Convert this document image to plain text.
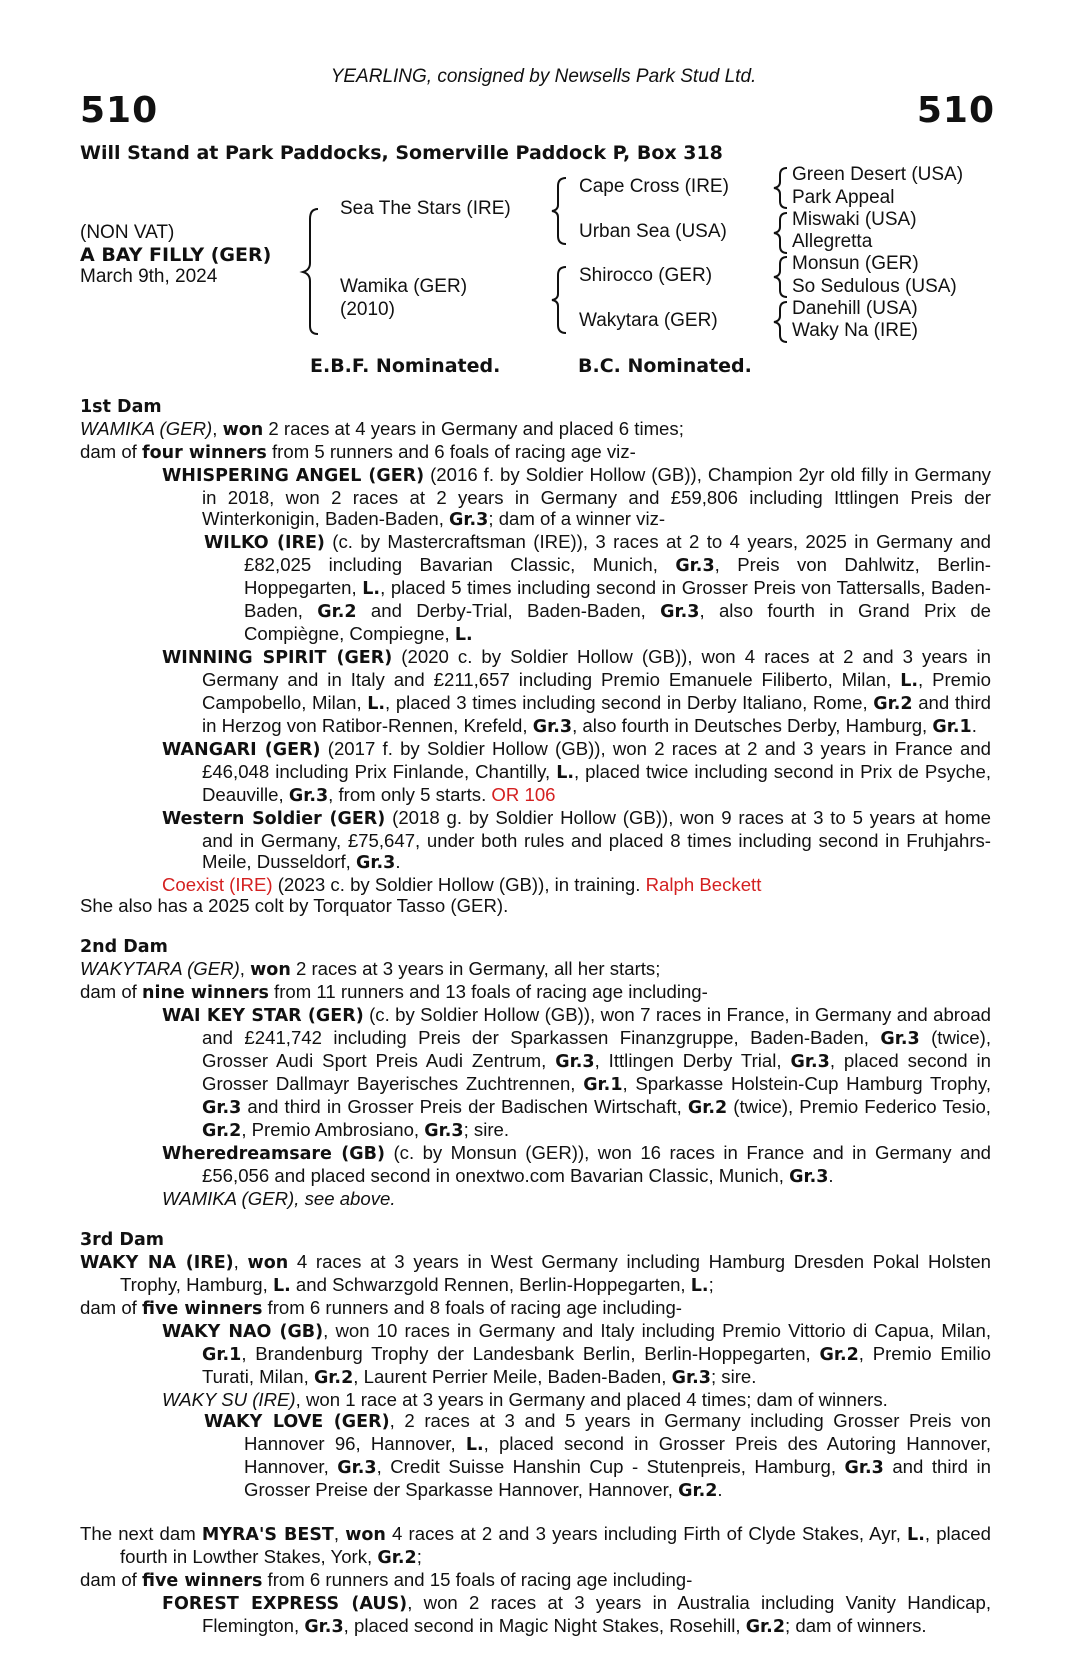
YEARLING, consigned by Newsells Park Stud Ltd.
510	510
Will Stand at Park Paddocks, Somerville Paddock P, Box 318
(NON VAT)
A BAY FILLY (GER)
March 9th, 2024
Sea The Stars (IRE)
Wamika (GER)
(2010)
Cape Cross (IRE)
Urban Sea (USA)
Shirocco (GER)
Wakytara (GER)
Green Desert (USA)
Park Appeal
Miswaki (USA)
Allegretta
Monsun (GER)
So Sedulous (USA)
Danehill (USA)
Waky Na (IRE)
E.B.F. Nominated.	B.C. Nominated.

1st Dam

WAMIKA (GER), won 2 races at 4 years in Germany and placed 6 times;

dam of four winners from 5 runners and 6 foals of racing age viz-

WHISPERING ANGEL (GER) (2016 f. by Soldier Hollow (GB)), Champion 2yr old filly in Germany in 2018, won 2 races at 2 years in Germany and £59,806 including Ittlingen Preis der Winterkonigin, Baden-Baden, Gr.3; dam of a winner viz-

WILKO (IRE) (c. by Mastercraftsman (IRE)), 3 races at 2 to 4 years, 2025 in Germany and £82,025 including Bavarian Classic, Munich, Gr.3, Preis von Dahlwitz, Berlin-Hoppegarten, L., placed 5 times including second in Grosser Preis von Tattersalls, Baden-Baden, Gr.2 and Derby-Trial, Baden-Baden, Gr.3, also fourth in Grand Prix de Compiègne, Compiegne, L.

WINNING SPIRIT (GER) (2020 c. by Soldier Hollow (GB)), won 4 races at 2 and 3 years in Germany and in Italy and £211,657 including Premio Emanuele Filiberto, Milan, L., Premio Campobello, Milan, L., placed 3 times including second in Derby Italiano, Rome, Gr.2 and third in Herzog von Ratibor-Rennen, Krefeld, Gr.3, also fourth in Deutsches Derby, Hamburg, Gr.1.

WANGARI (GER) (2017 f. by Soldier Hollow (GB)), won 2 races at 2 and 3 years in France and £46,048 including Prix Finlande, Chantilly, L., placed twice including second in Prix de Psyche, Deauville, Gr.3, from only 5 starts. OR 106

Western Soldier (GER) (2018 g. by Soldier Hollow (GB)), won 9 races at 3 to 5 years at home and in Germany, £75,647, under both rules and placed 8 times including second in Fruhjahrs-Meile, Dusseldorf, Gr.3.

Coexist (IRE) (2023 c. by Soldier Hollow (GB)), in training. Ralph Beckett

She also has a 2025 colt by Torquator Tasso (GER).

2nd Dam

WAKYTARA (GER), won 2 races at 3 years in Germany, all her starts;

dam of nine winners from 11 runners and 13 foals of racing age including-

WAI KEY STAR (GER) (c. by Soldier Hollow (GB)), won 7 races in France, in Germany and abroad and £241,742 including Preis der Sparkassen Finanzgruppe, Baden-Baden, Gr.3 (twice), Grosser Audi Sport Preis Audi Zentrum, Gr.3, Ittlingen Derby Trial, Gr.3, placed second in Grosser Dallmayr Bayerisches Zuchtrennen, Gr.1, Sparkasse Holstein-Cup Hamburg Trophy, Gr.3 and third in Grosser Preis der Badischen Wirtschaft, Gr.2 (twice), Premio Federico Tesio, Gr.2, Premio Ambrosiano, Gr.3; sire.

Wheredreamsare (GB) (c. by Monsun (GER)), won 16 races in France and in Germany and £56,056 and placed second in onextwo.com Bavarian Classic, Munich, Gr.3.

WAMIKA (GER), see above.

3rd Dam

WAKY NA (IRE), won 4 races at 3 years in West Germany including Hamburg Dresden Pokal Holsten Trophy, Hamburg, L. and Schwarzgold Rennen, Berlin-Hoppegarten, L.;

dam of five winners from 6 runners and 8 foals of racing age including-

WAKY NAO (GB), won 10 races in Germany and Italy including Premio Vittorio di Capua, Milan, Gr.1, Brandenburg Trophy der Landesbank Berlin, Berlin-Hoppegarten, Gr.2, Premio Emilio Turati, Milan, Gr.2, Laurent Perrier Meile, Baden-Baden, Gr.3; sire.

WAKY SU (IRE), won 1 race at 3 years in Germany and placed 4 times; dam of winners.

WAKY LOVE (GER), 2 races at 3 and 5 years in Germany including Grosser Preis von Hannover 96, Hannover, L., placed second in Grosser Preis des Autoring Hannover, Hannover, Gr.3, Credit Suisse Hanshin Cup - Stutenpreis, Hamburg, Gr.3 and third in Grosser Preise der Sparkasse Hannover, Hannover, Gr.2.

The next dam MYRA'S BEST, won 4 races at 2 and 3 years including Firth of Clyde Stakes, Ayr, L., placed fourth in Lowther Stakes, York, Gr.2;

dam of five winners from 6 runners and 15 foals of racing age including-

FOREST EXPRESS (AUS), won 2 races at 3 years in Australia including Vanity Handicap, Flemington, Gr.3, placed second in Magic Night Stakes, Rosehill, Gr.2; dam of winners.
